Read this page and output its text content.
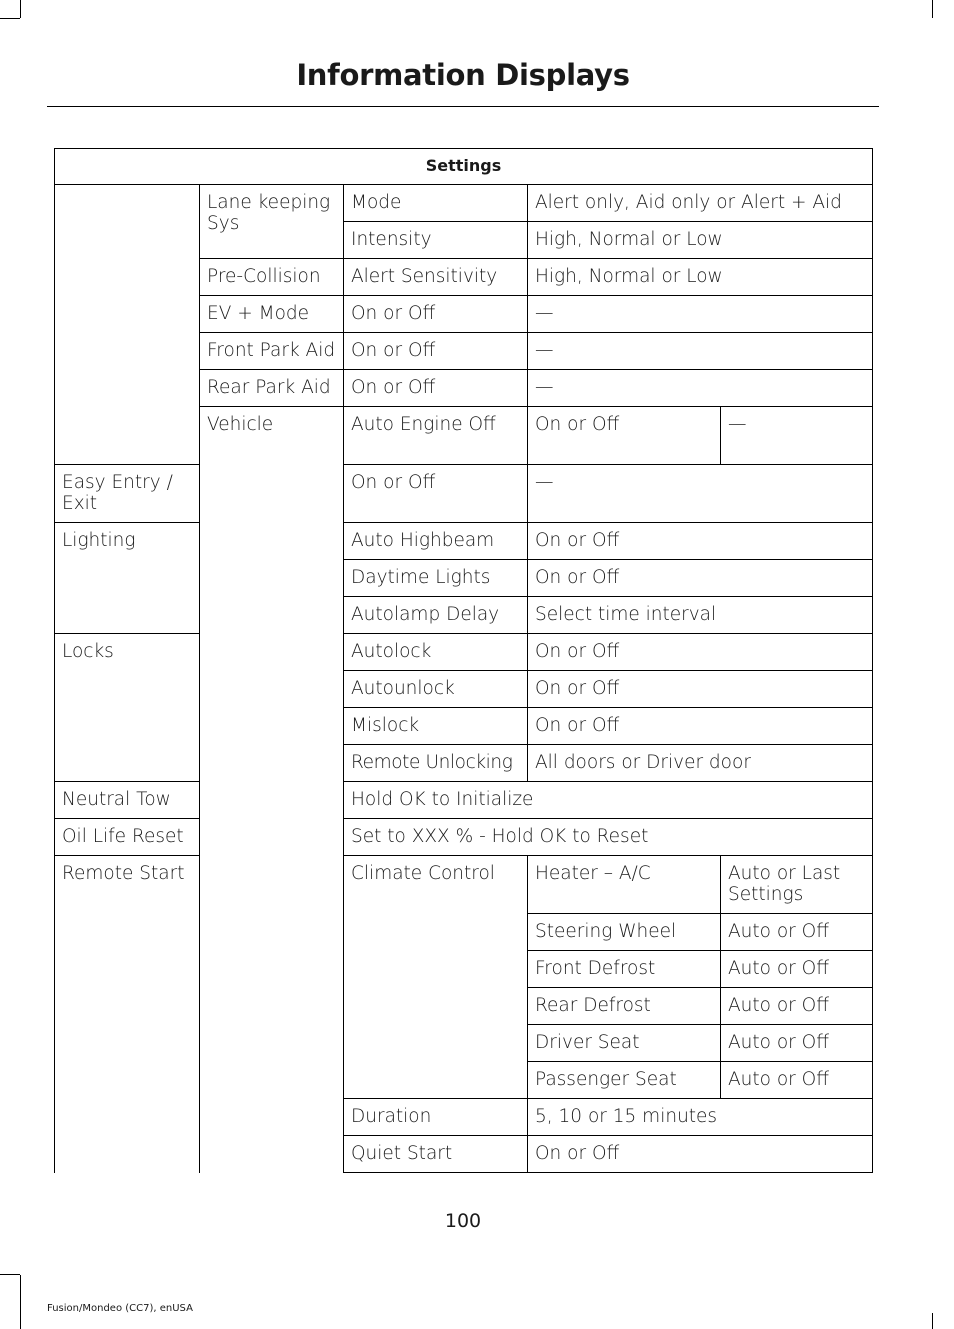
Information Displays
Settings				
	Lane keeping Sys	Mode	Alert only, Aid only or Alert + Aid	
		Intensity	High, Normal or Low	
	Pre-Collision	Alert Sensitivity	High, Normal or Low	
	EV + Mode	On or Off	—	
	Front Park Aid	On or Off	—	
	Rear Park Aid	On or Off	—	
	Vehicle	Auto Engine Off	On or Off	—
Easy Entry / Exit		On or Off	—	
Lighting		Auto Highbeam	On or Off	
		Daytime Lights	On or Off	
		Autolamp Delay	Select time interval	
Locks		Autolock	On or Off	
		Autounlock	On or Off	
		Mislock	On or Off	
		Remote Unlocking	All doors or Driver door	
Neutral Tow		Hold OK to Initialize		
Oil Life Reset		Set to XXX % - Hold OK to Reset		
Remote Start		Climate Control	Heater – A/C	Auto or Last Settings
			Steering Wheel	Auto or Off
			Front Defrost	Auto or Off
			Rear Defrost	Auto or Off
			Driver Seat	Auto or Off
			Passenger Seat	Auto or Off
		Duration	5, 10 or 15 minutes	
		Quiet Start	On or Off	
100
Fusion/Mondeo (CC7), enUSA
